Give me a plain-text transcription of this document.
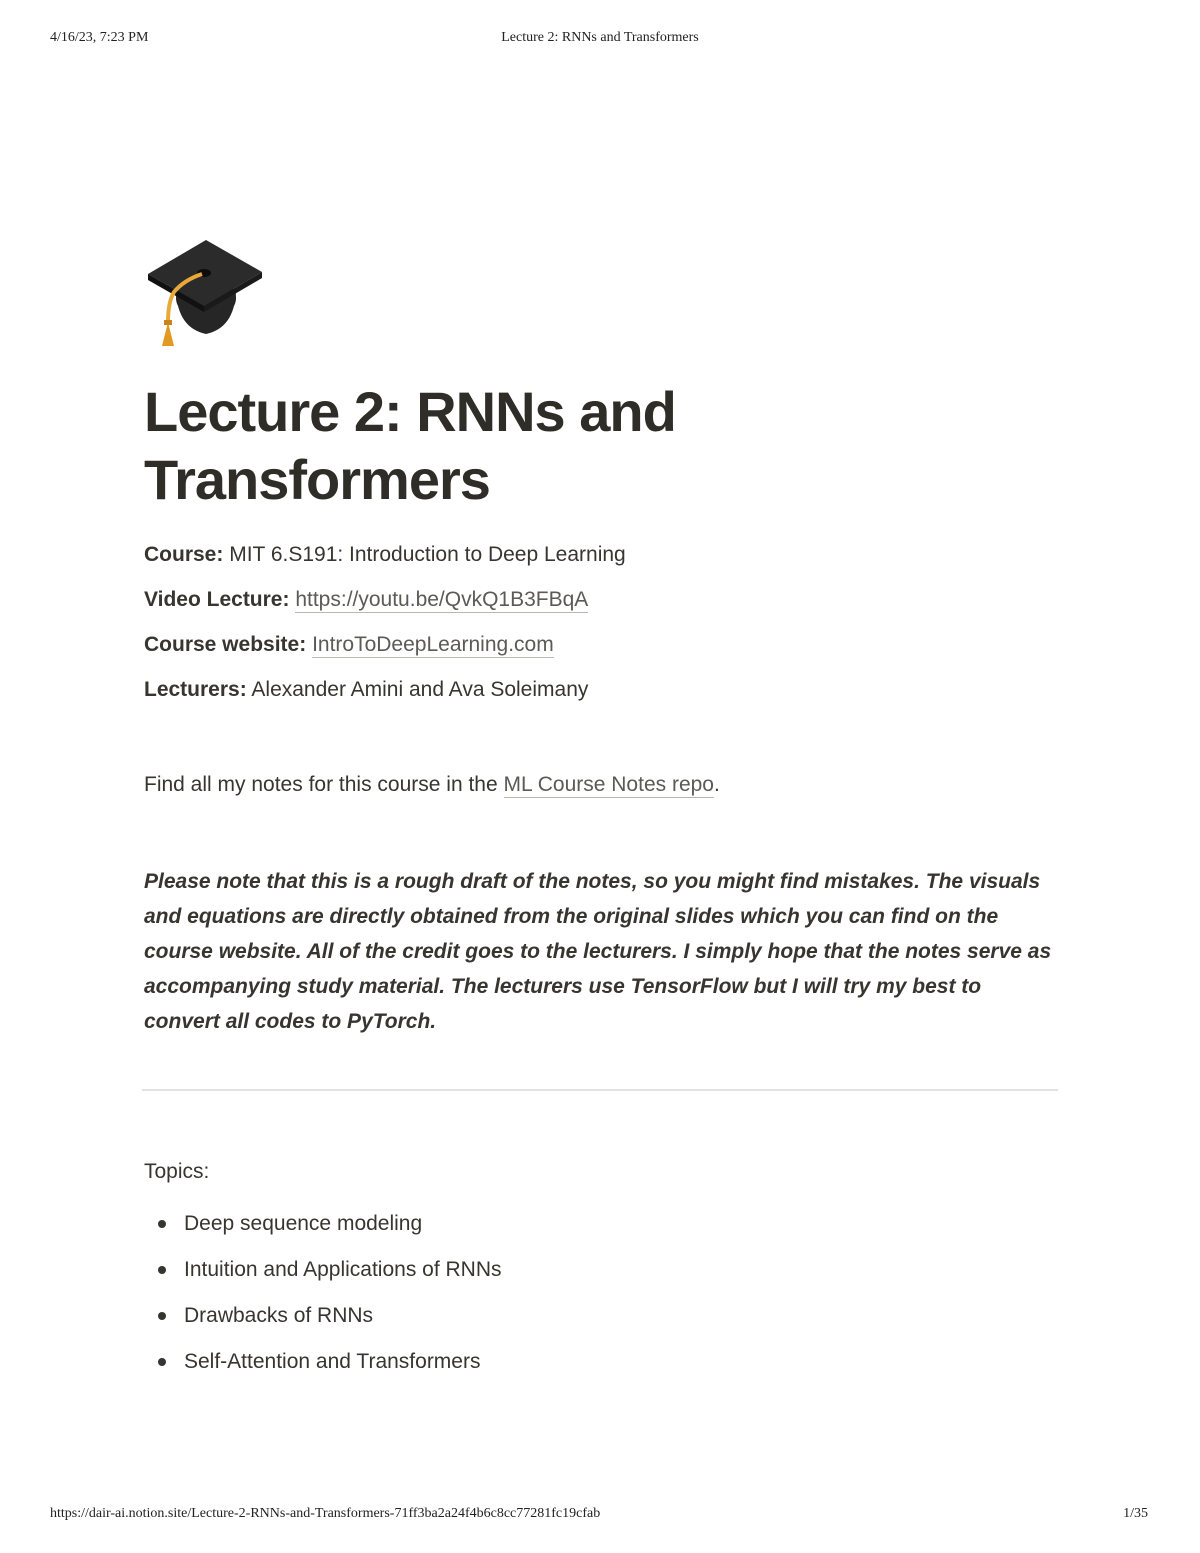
4/16/23, 7:23 PM	Lecture 2: RNNs and Transformers
Lecture 2: RNNs and Transformers
Course: MIT 6.S191: Introduction to Deep Learning
Video Lecture: https://youtu.be/QvkQ1B3FBqA
Course website: IntroToDeepLearning.com
Lecturers: Alexander Amini and Ava Soleimany
Find all my notes for this course in the ML Course Notes repo.
Please note that this is a rough draft of the notes, so you might find mistakes. The visuals and equations are directly obtained from the original slides which you can find on the course website. All of the credit goes to the lecturers. I simply hope that the notes serve as accompanying study material. The lecturers use TensorFlow but I will try my best to convert all codes to PyTorch.
Topics:
Deep sequence modeling
Intuition and Applications of RNNs
Drawbacks of RNNs
Self-Attention and Transformers
https://dair-ai.notion.site/Lecture-2-RNNs-and-Transformers-71ff3ba2a24f4b6c8cc77281fc19cfab	1/35
